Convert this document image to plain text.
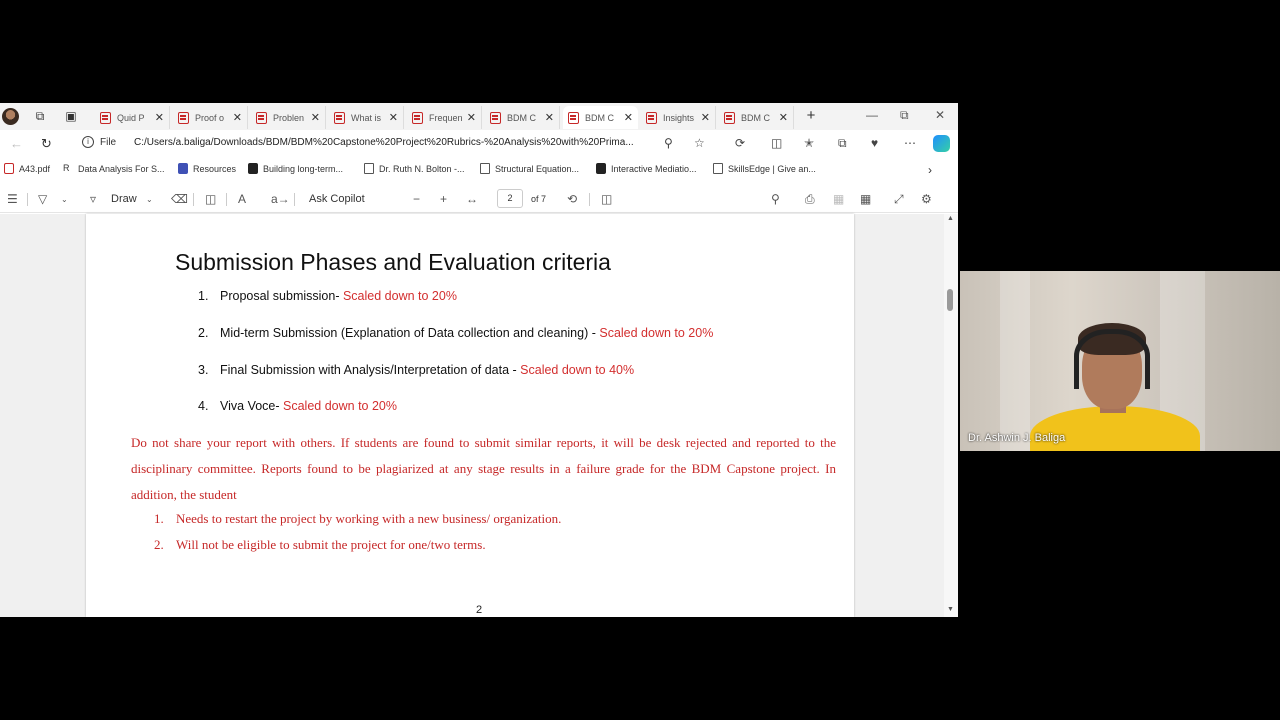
⧉ ▣	Quid P ✕	Proof o ✕	Problen ✕	What is ✕	Frequen ✕	BDM C ✕	BDM C ✕	Insights ✕	BDM C ✕ +	— ⧉ ✕
← ↻	i	File C:/Users/a.baliga/Downloads/BDM/BDM%20Capstone%20Project%20Rubrics-%20Analysis%20with%20Prima...	⚲ ☆	⟳ ◫ ✭ ⧉ ♥ ⋯
A43.pdf R Data Analysis For S...	Resources	Building long-term...	Dr. Ruth N. Bolton -...	Structural Equation...	Interactive Mediatio...	SkillsEdge | Give an...	›
☰ ▽ ⌄ ▿ Draw ⌄ ⌫ ◫ A a→ Ask Copilot	− + ↔	2	of 7 ⟲ ◫	⚲ ⎙ ▦ ▦ ⤢ ⚙
Submission Phases and Evaluation criteria
1. Proposal submission- Scaled down to 20%
2. Mid-term Submission (Explanation of Data collection and cleaning) - Scaled down to 20%
3. Final Submission with Analysis/Interpretation of data - Scaled down to 40%
4. Viva Voce- Scaled down to 20%
Do not share your report with others. If students are found to submit similar reports, it will be desk rejected and reported to the disciplinary committee. Reports found to be plagiarized at any stage results in a failure grade for the BDM Capstone project. In addition, the student
1. Needs to restart the project by working with a new business/ organization.
2. Will not be eligible to submit the project for one/two terms.
2
▲
▼
Dr. Ashwin J. Baliga
